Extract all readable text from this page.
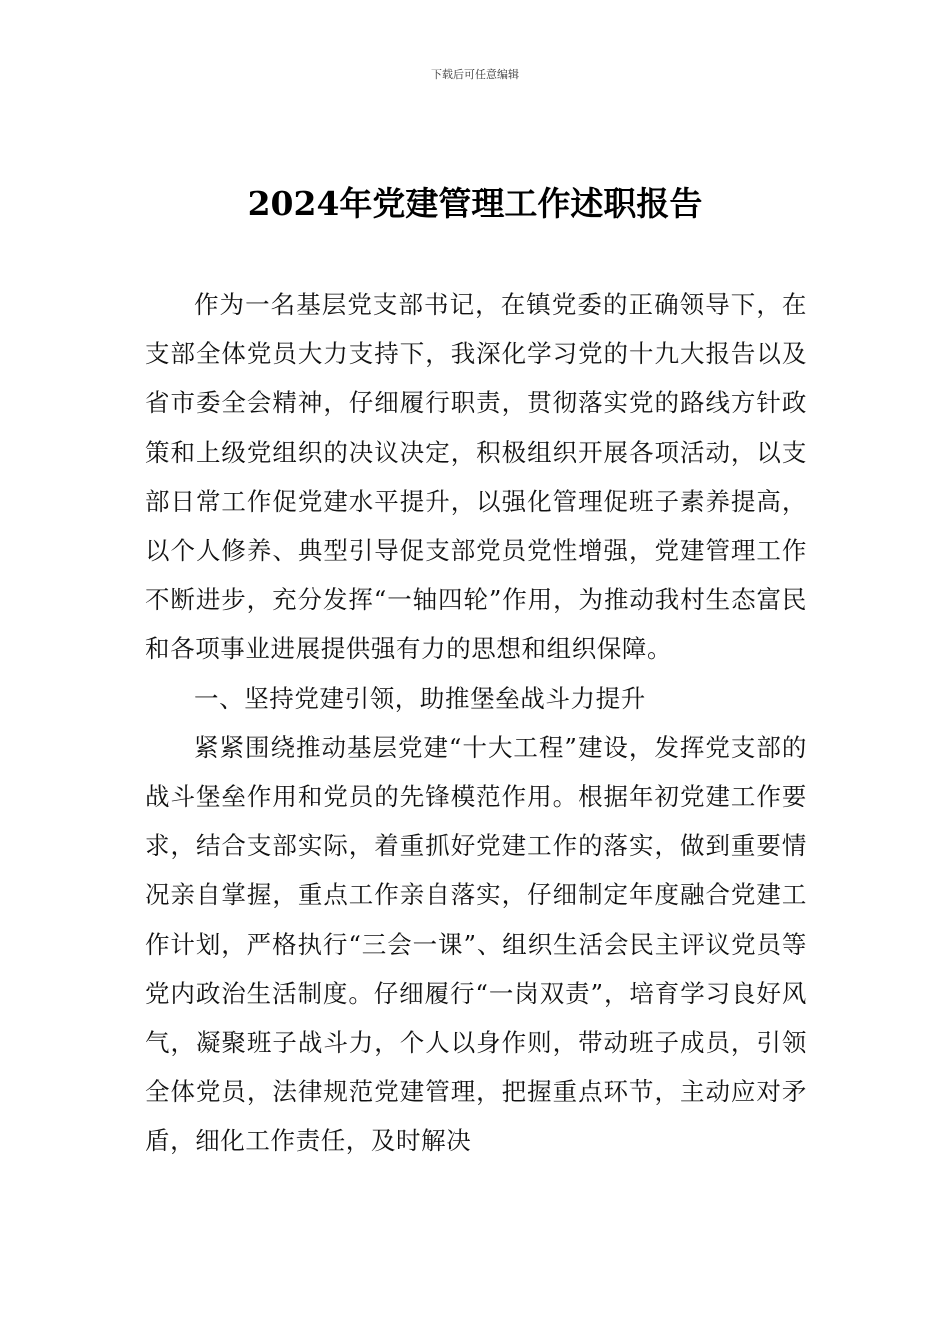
下载后可任意编辑
2024年党建管理工作述职报告

作为一名基层党支部书记，在镇党委的正确领导下，在支部全体党员大力支持下，我深化学习党的十九大报告以及省市委全会精神，仔细履行职责，贯彻落实党的路线方针政策和上级党组织的决议决定，积极组织开展各项活动，以支部日常工作促党建水平提升，以强化管理促班子素养提高，以个人修养、典型引导促支部党员党性增强，党建管理工作不断进步，充分发挥“一轴四轮”作用，为推动我村生态富民和各项事业进展提供强有力的思想和组织保障。

一、坚持党建引领，助推堡垒战斗力提升

紧紧围绕推动基层党建“十大工程”建设，发挥党支部的战斗堡垒作用和党员的先锋模范作用。根据年初党建工作要求，结合支部实际，着重抓好党建工作的落实，做到重要情况亲自掌握，重点工作亲自落实，仔细制定年度融合党建工作计划，严格执行“三会一课”、组织生活会民主评议党员等党内政治生活制度。仔细履行“一岗双责”，培育学习良好风气，凝聚班子战斗力，个人以身作则，带动班子成员，引领全体党员，法律规范党建管理，把握重点环节，主动应对矛盾，细化工作责任，及时解决
